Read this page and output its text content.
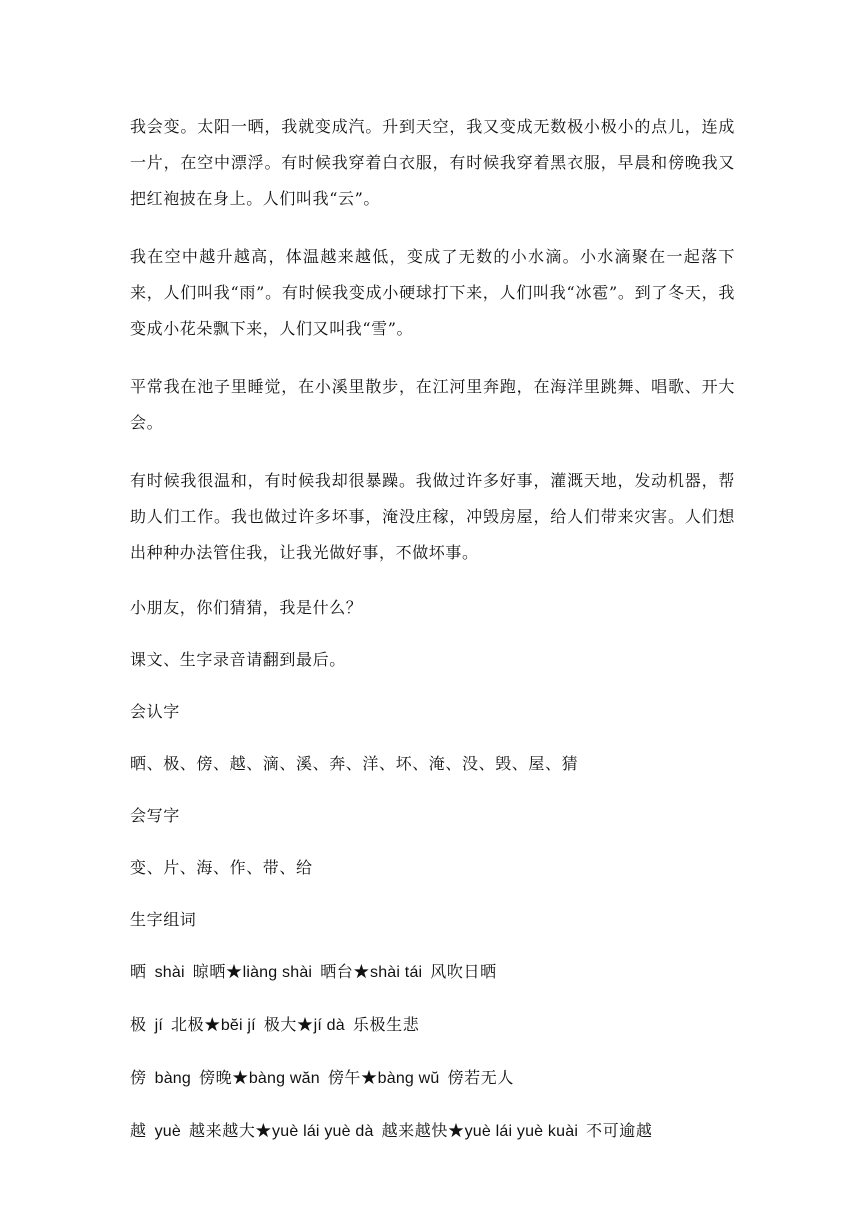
我会变。太阳一晒，我就变成汽。升到天空，我又变成无数极小极小的点儿，连成一片，在空中漂浮。有时候我穿着白衣服，有时候我穿着黑衣服，早晨和傍晚我又把红袍披在身上。人们叫我“云”。

我在空中越升越高，体温越来越低，变成了无数的小水滴。小水滴聚在一起落下来，人们叫我“雨”。有时候我变成小硬球打下来，人们叫我“冰雹”。到了冬天，我变成小花朵飘下来，人们又叫我“雪”。

平常我在池子里睡觉，在小溪里散步，在江河里奔跑，在海洋里跳舞、唱歌、开大会。

有时候我很温和，有时候我却很暴躁。我做过许多好事，灌溉天地，发动机器，帮助人们工作。我也做过许多坏事，淹没庄稼，冲毁房屋，给人们带来灾害。人们想出种种办法管住我，让我光做好事，不做坏事。

小朋友，你们猜猜，我是什么？

课文、生字录音请翻到最后。

会认字

晒、极、傍、越、滴、溪、奔、洋、坏、淹、没、毁、屋、猜

会写字

变、片、海、作、带、给

生字组词

晒 shài 晾晒★liàng shài 晒台★shài tái 风吹日晒

极 jí 北极★bĕi jí 极大★jí dà 乐极生悲

傍 bàng 傍晚★bàng wăn 傍午★bàng wŭ 傍若无人

越 yuè 越来越大★yuè lái yuè dà 越来越快★yuè lái yuè kuài 不可逾越
